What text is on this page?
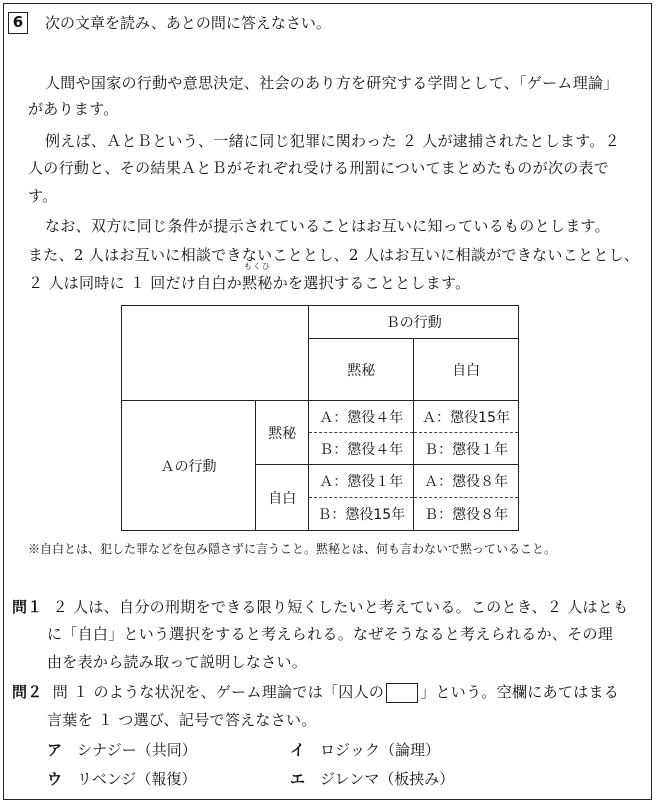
6	次の文章を読み、あとの問に答えなさい。
人間や国家の行動や意思決定、社会のあり方を研究する学問として、「ゲーム理論」
があります。
例えば、ＡとＢという、一緒に同じ犯罪に関わった ２ 人が逮捕されたとします。２
人の行動と、その結果ＡとＢがそれぞれ受ける刑罰についてまとめたものが次の表で
す。
なお、双方に同じ条件が提示されていることはお互いに知っているものとします。
また、2 人はお互いに相談できないこととし、2 人はお互いに相談ができないこととし、
２ 人は同時に １ 回だけ自白か
もくひ
黙秘かを選択することとします。
		Ｂの行動	
		黙秘	自白
Ａの行動	黙秘	Ａ：懲役４年	Ａ：懲役15年
		Ｂ：懲役４年	Ｂ：懲役１年
	自白	Ａ：懲役１年	Ａ：懲役８年
		Ｂ：懲役15年	Ｂ：懲役８年
※自白とは、犯した罪などを包み隠さずに言うこと。黙秘とは、何も言わないで黙っていること。
問１ ２ 人は、自分の刑期をできる限り短くしたいと考えている。このとき、２ 人はとも
に「自白」という選択をすると考えられる。なぜそうなると考えられるか、その理
由を表から読み取って説明しなさい。
問２ 問 １ のような状況を、ゲーム理論では「囚人の 」という。空欄にあてはまる
言葉を １ つ選び、記号で答えなさい。
ア シナジー（共同）	イ ロジック（論理）
ウ リベンジ（報復）	エ ジレンマ（板挟み）
